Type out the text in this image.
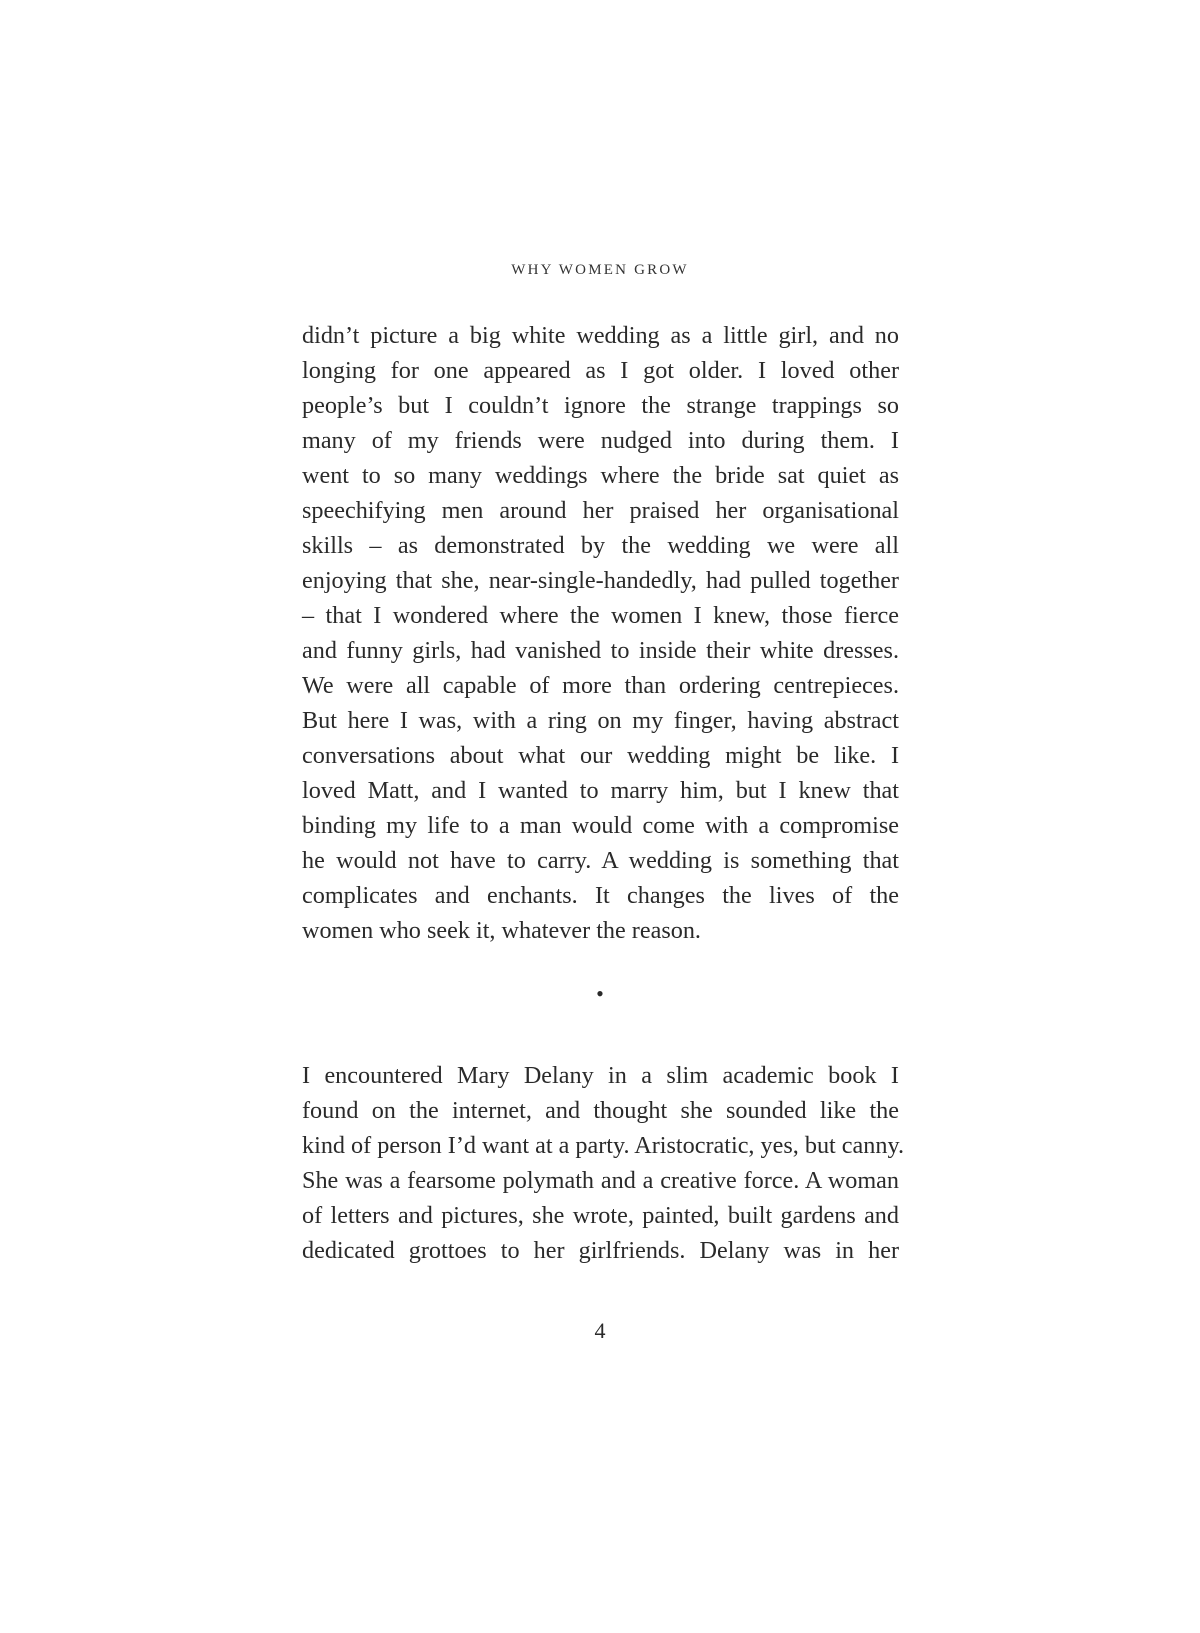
WHY WOMEN GROW

didn’t picture a big white wedding as a little girl, and no
longing for one appeared as I got older. I loved other
people’s but I couldn’t ignore the strange trappings so
many of my friends were nudged into during them. I
went to so many weddings where the bride sat quiet as
speechifying men around her praised her organisational
skills – as demonstrated by the wedding we were all
enjoying that she, near-single-handedly, had pulled together
– that I wondered where the women I knew, those fierce
and funny girls, had vanished to inside their white dresses.
We were all capable of more than ordering centrepieces.
But here I was, with a ring on my finger, having abstract
conversations about what our wedding might be like. I
loved Matt, and I wanted to marry him, but I knew that
binding my life to a man would come with a compromise
he would not have to carry. A wedding is something that
complicates and enchants. It changes the lives of the
women who seek it, whatever the reason.

•

I encountered Mary Delany in a slim academic book I
found on the internet, and thought she sounded like the
kind of person I’d want at a party. Aristocratic, yes, but canny.
She was a fearsome polymath and a creative force. A woman
of letters and pictures, she wrote, painted, built gardens and
dedicated grottoes to her girlfriends. Delany was in her

4
